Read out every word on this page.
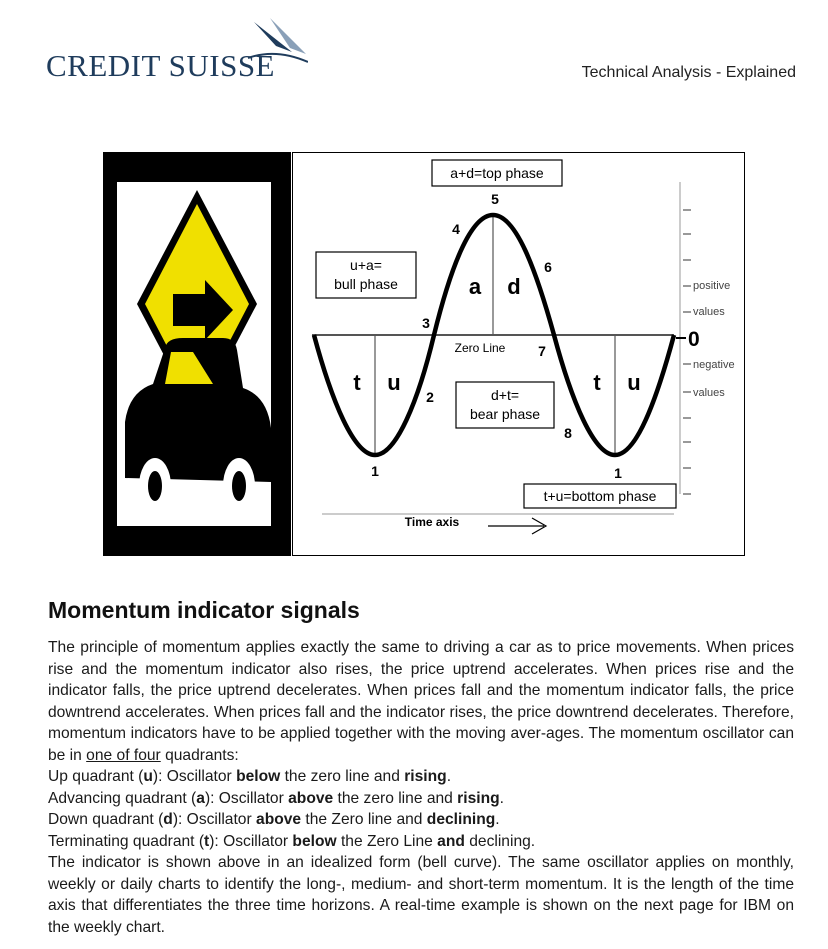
CREDIT SUISSE	Technical Analysis - Explained
a+d=top phase
u+a=
bull phase
d+t=
bear phase
t+u=bottom phase
Zero Line
Time axis
1	1
2
3
4
5
6
7
8
a d
t u	t u
positive
values
negative
values
0
Momentum indicator signals

The principle of momentum applies exactly the same to driving a car as to price movements. When prices rise and the momentum indicator also rises, the price uptrend accelerates. When prices rise and the indicator falls, the price uptrend decelerates. When prices fall and the momentum indicator falls, the price downtrend accelerates. When prices fall and the indicator rises, the price downtrend decelerates. Therefore, momentum indicators have to be applied together with the moving aver-ages. The momentum oscillator can be in one of four quadrants:

Up quadrant (u): Oscillator below the zero line and rising.

Advancing quadrant (a): Oscillator above the zero line and rising.

Down quadrant (d): Oscillator above the Zero line and declining.

Terminating quadrant (t): Oscillator below the Zero Line and declining.

The indicator is shown above in an idealized form (bell curve). The same oscillator applies on monthly, weekly or daily charts to identify the long-, medium- and short-term momentum. It is the length of the time axis that differentiates the three time horizons. A real-time example is shown on the next page for IBM on the weekly chart.
